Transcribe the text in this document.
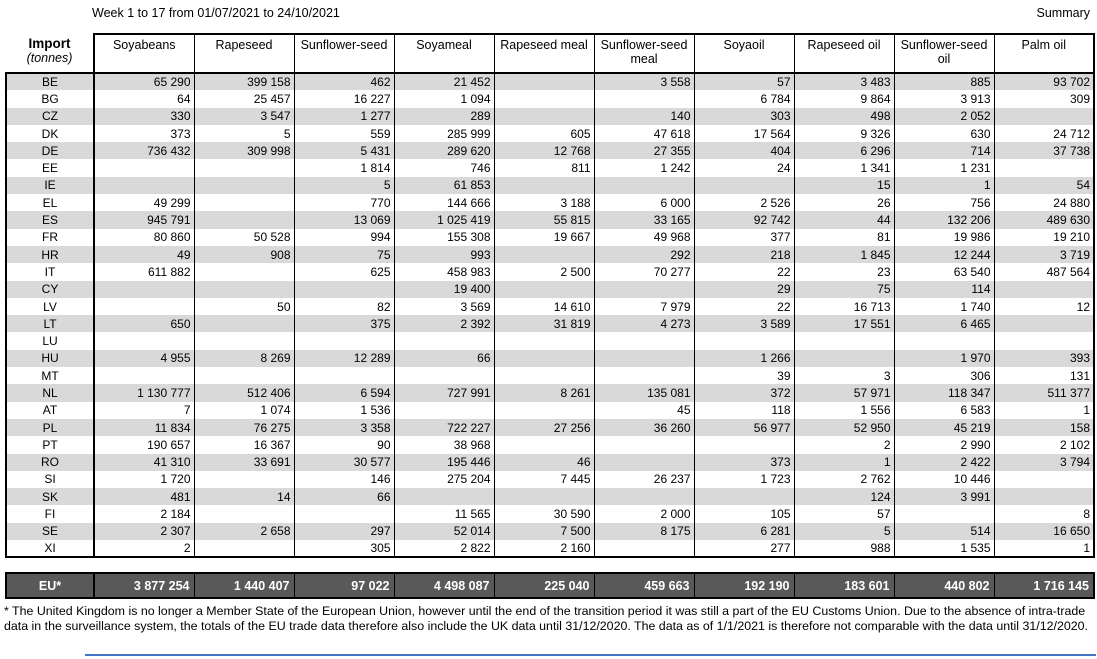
Week 1 to 17 from 01/07/2021 to 24/10/2021	Summary
Import
(tonnes)	Soyabeans	Rapeseed	Sunflower-seed	Soyameal	Rapeseed meal	Sunflower-seed meal	Soyaoil	Rapeseed oil	Sunflower-seed oil	Palm oil
BE	65 290	399 158	462	21 452		3 558	57	3 483	885	93 702
BG	64	25 457	16 227	1 094			6 784	9 864	3 913	309
CZ	330	3 547	1 277	289		140	303	498	2 052	
DK	373	5	559	285 999	605	47 618	17 564	9 326	630	24 712
DE	736 432	309 998	5 431	289 620	12 768	27 355	404	6 296	714	37 738
EE			1 814	746	811	1 242	24	1 341	1 231	
IE			5	61 853				15	1	54
EL	49 299		770	144 666	3 188	6 000	2 526	26	756	24 880
ES	945 791		13 069	1 025 419	55 815	33 165	92 742	44	132 206	489 630
FR	80 860	50 528	994	155 308	19 667	49 968	377	81	19 986	19 210
HR	49	908	75	993		292	218	1 845	12 244	3 719
IT	611 882		625	458 983	2 500	70 277	22	23	63 540	487 564
CY				19 400			29	75	114	
LV		50	82	3 569	14 610	7 979	22	16 713	1 740	12
LT	650		375	2 392	31 819	4 273	3 589	17 551	6 465	
LU										
HU	4 955	8 269	12 289	66			1 266		1 970	393
MT							39	3	306	131
NL	1 130 777	512 406	6 594	727 991	8 261	135 081	372	57 971	118 347	511 377
AT	7	1 074	1 536			45	118	1 556	6 583	1
PL	11 834	76 275	3 358	722 227	27 256	36 260	56 977	52 950	45 219	158
PT	190 657	16 367	90	38 968				2	2 990	2 102
RO	41 310	33 691	30 577	195 446	46		373	1	2 422	3 794
SI	1 720		146	275 204	7 445	26 237	1 723	2 762	10 446	
SK	481	14	66					124	3 991	
FI	2 184			11 565	30 590	2 000	105	57		8
SE	2 307	2 658	297	52 014	7 500	8 175	6 281	5	514	16 650
XI	2		305	2 822	2 160		277	988	1 535	1
EU*	3 877 254	1 440 407	97 022	4 498 087	225 040	459 663	192 190	183 601	440 802	1 716 145
* The United Kingdom is no longer a Member State of the European Union, however until the end of the transition period it was still a part of the EU Customs Union. Due to the absence of intra-trade data in the surveillance system, the totals of the EU trade data therefore also include the UK data until 31/12/2020. The data as of 1/1/2021 is therefore not comparable with the data until 31/12/2020.
